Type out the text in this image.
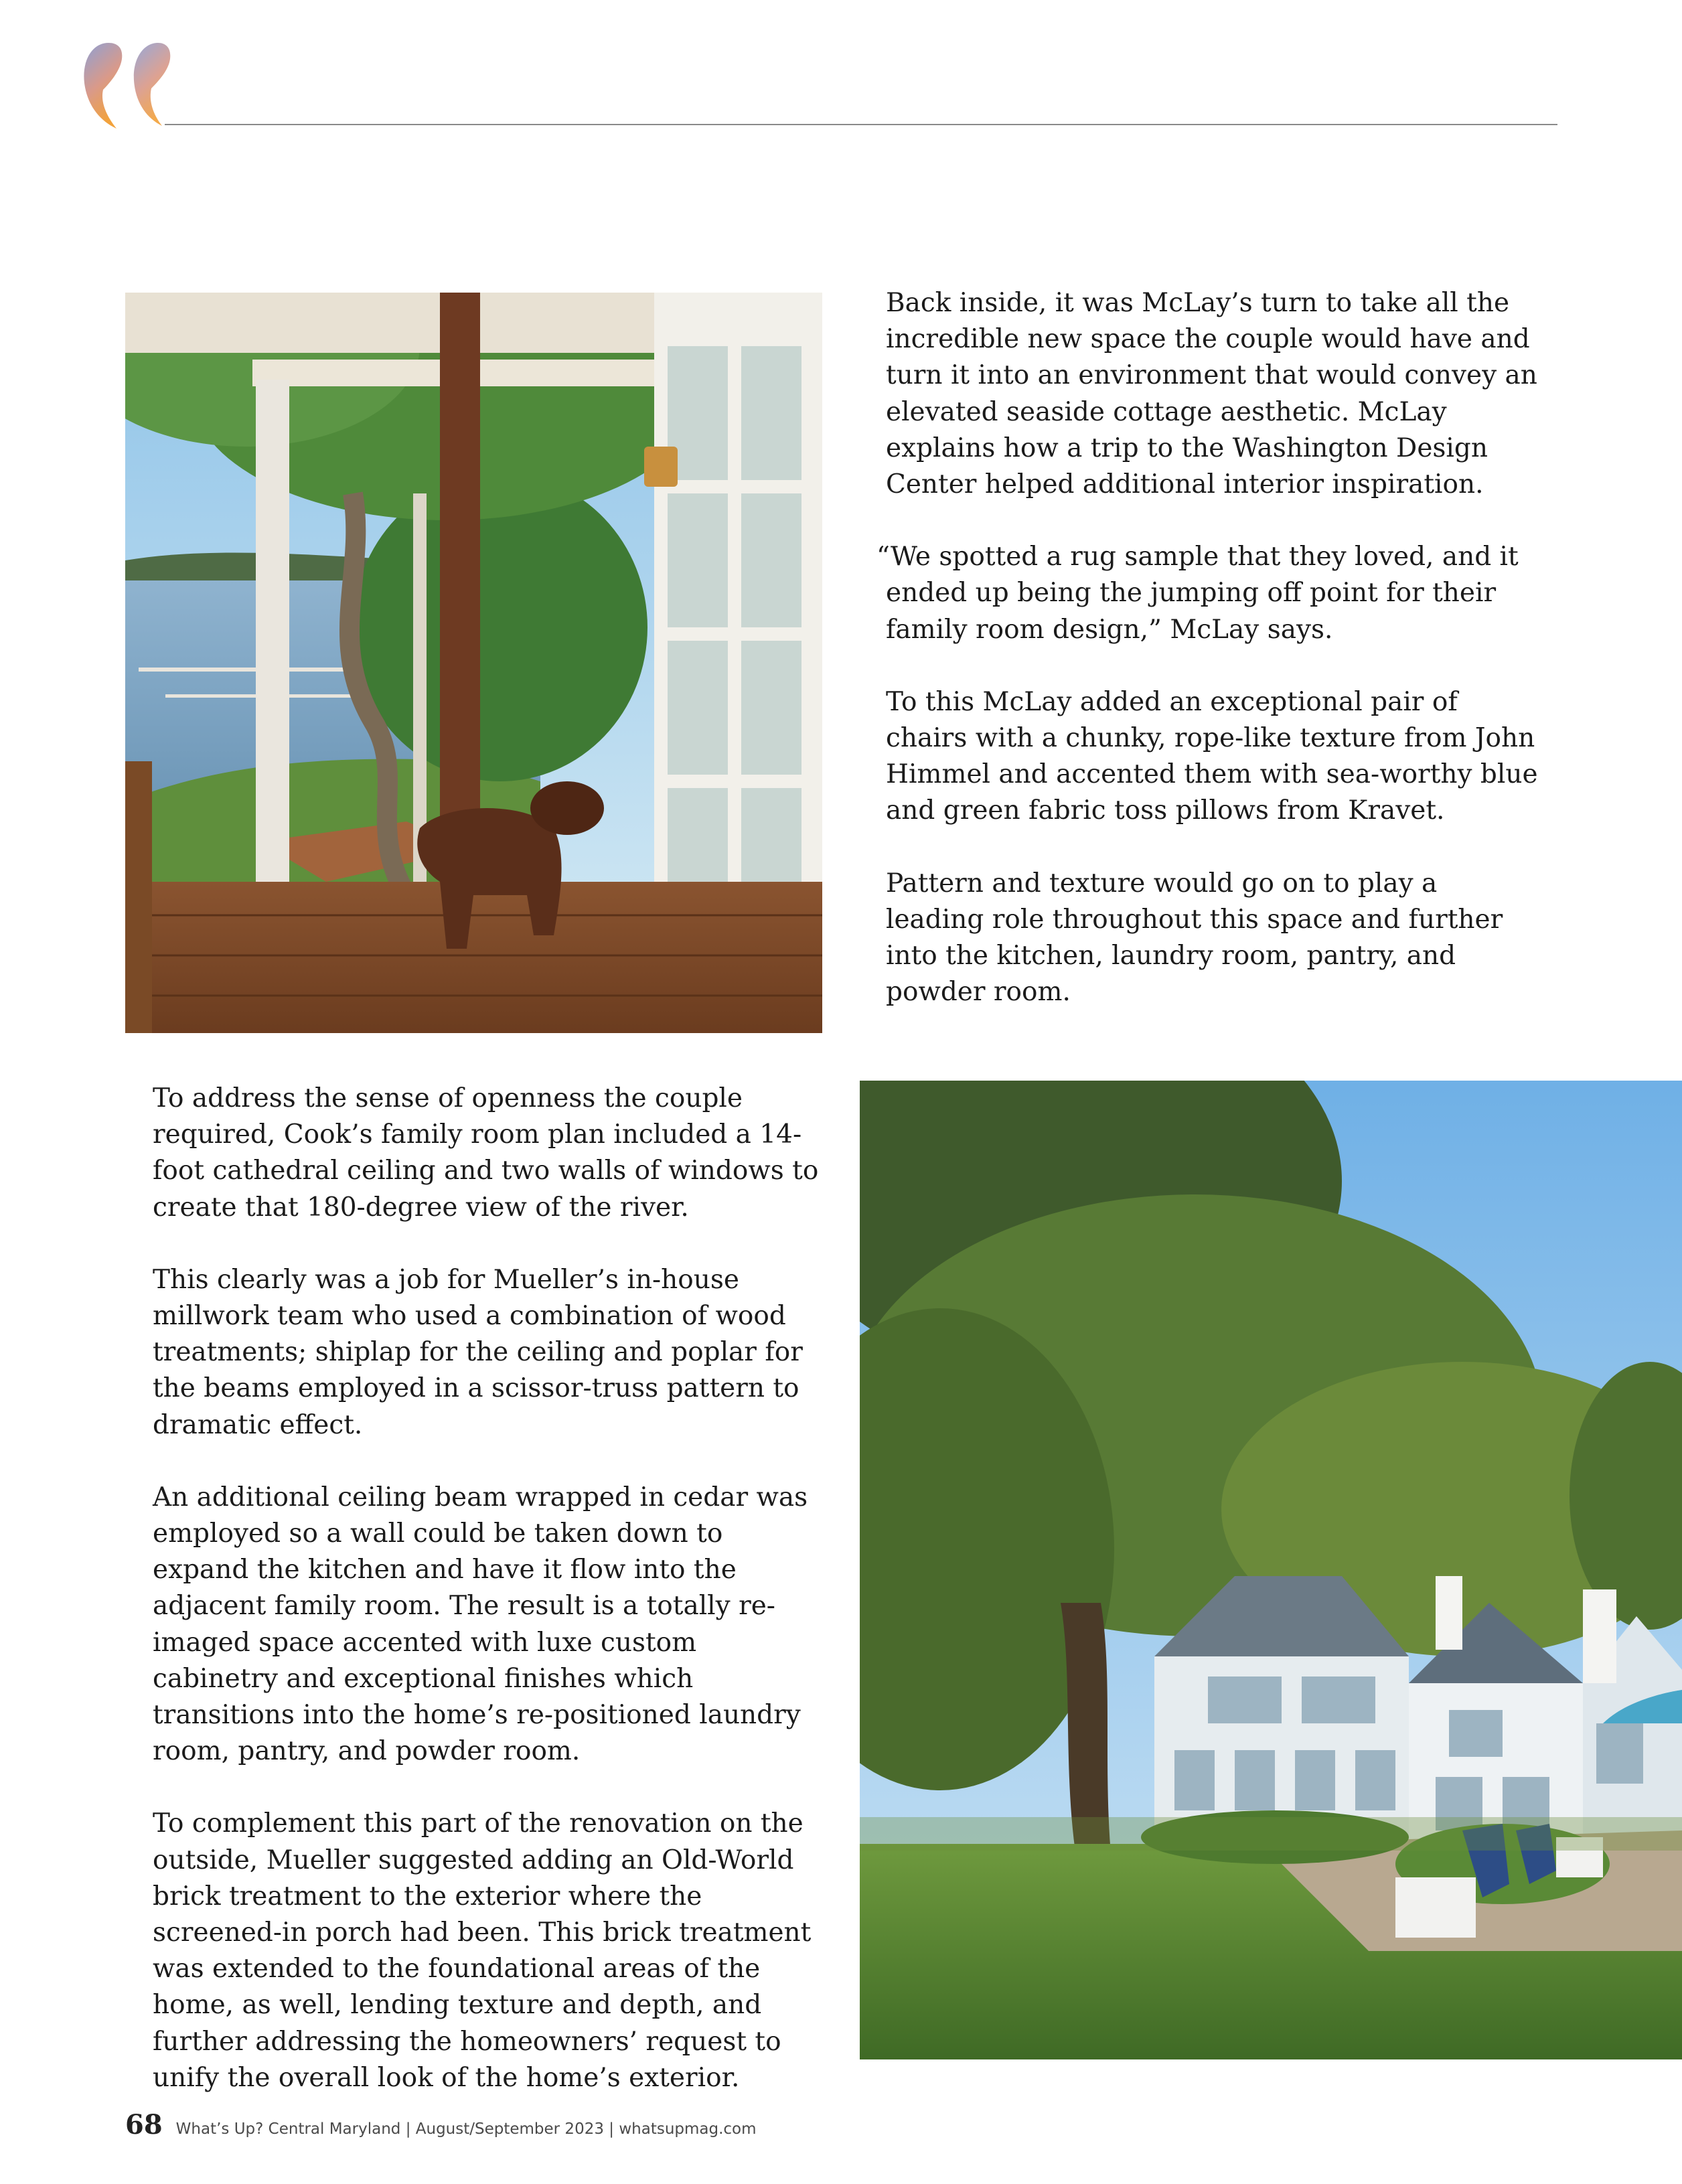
Back inside, it was McLay’s turn to take all the incredible new space the couple would have and turn it into an environment that would convey an elevated seaside cottage aesthetic. McLay explains how a trip to the Washington Design Center helped additional interior inspiration.

“We spotted a rug sample that they loved, and it ended up being the jumping off point for their family room design,” McLay says.

To this McLay added an exceptional pair of chairs with a chunky, rope-like texture from John Himmel and accented them with sea-worthy blue and green fabric toss pillows from Kravet.

Pattern and texture would go on to play a leading role throughout this space and further into the kitchen, laundry room, pantry, and powder room.

To address the sense of openness the couple required, Cook’s family room plan included a 14-foot cathedral ceiling and two walls of windows to create that 180-degree view of the river.

This clearly was a job for Mueller’s in-house millwork team who used a combination of wood treatments; shiplap for the ceiling and poplar for the beams employed in a scissor-truss pattern to dramatic effect.

An additional ceiling beam wrapped in cedar was employed so a wall could be taken down to expand the kitchen and have it flow into the adjacent family room. The result is a totally re-imaged space accented with luxe custom cabinetry and exceptional finishes which transitions into the home’s re-positioned laundry room, pantry, and powder room.

To complement this part of the renovation on the outside, Mueller suggested adding an Old-World brick treatment to the exterior where the screened-in porch had been. This brick treatment was extended to the foundational areas of the home, as well, lending texture and depth, and further addressing the homeowners’ request to unify the overall look of the home’s exterior.

68 What’s Up? Central Maryland | August/September 2023 | whatsupmag.com
